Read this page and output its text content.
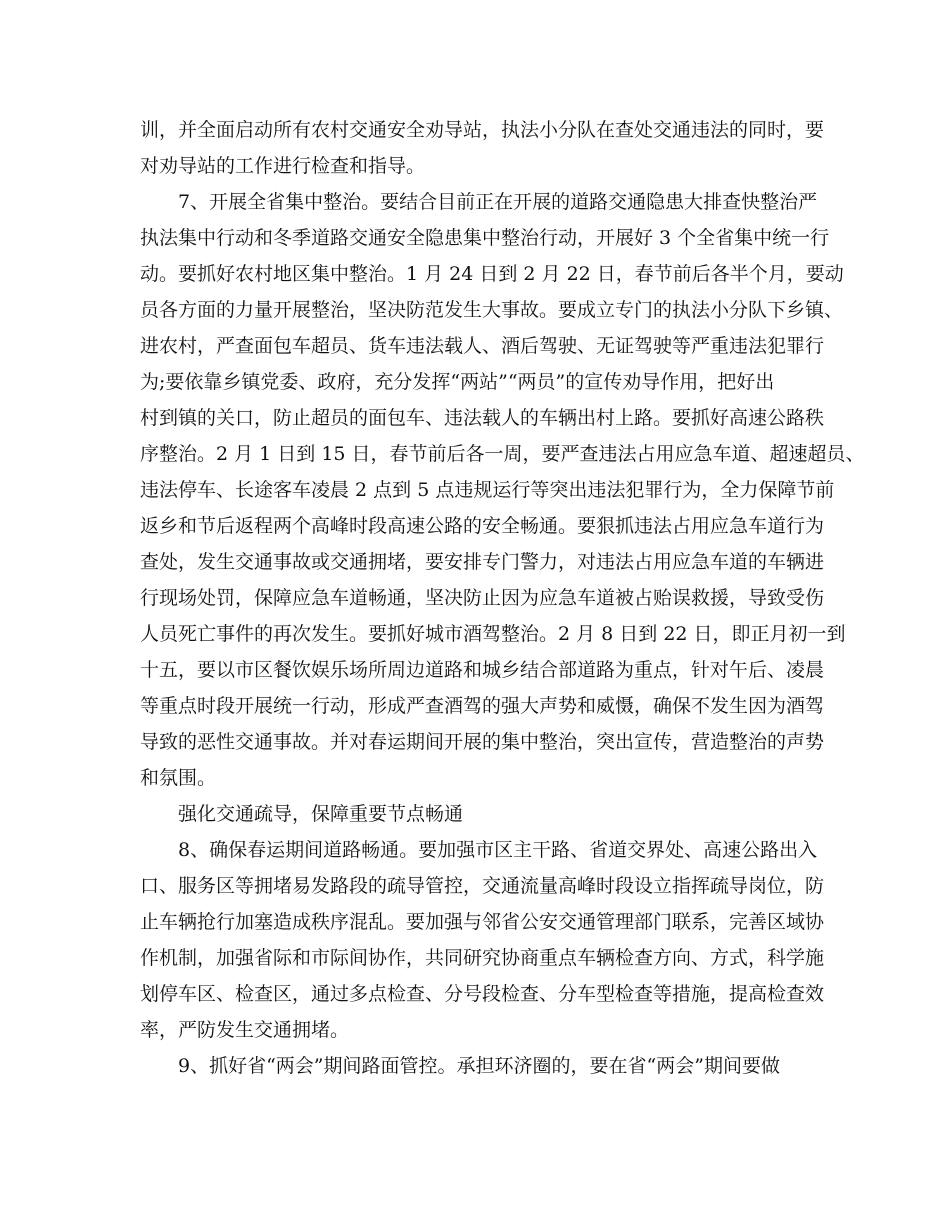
训，并全面启动所有农村交通安全劝导站，执法小分队在查处交通违法的同时，要
对劝导站的工作进行检查和指导。
7、开展全省集中整治。要结合目前正在开展的道路交通隐患大排查快整治严
执法集中行动和冬季道路交通安全隐患集中整治行动，开展好 3 个全省集中统一行
动。要抓好农村地区集中整治。1 月 24 日到 2 月 22 日，春节前后各半个月，要动
员各方面的力量开展整治，坚决防范发生大事故。要成立专门的执法小分队下乡镇、
进农村，严查面包车超员、货车违法载人、酒后驾驶、无证驾驶等严重违法犯罪行
为;要依靠乡镇党委、政府，充分发挥“两站”“两员”的宣传劝导作用，把好出
村到镇的关口，防止超员的面包车、违法载人的车辆出村上路。要抓好高速公路秩
序整治。2 月 1 日到 15 日，春节前后各一周，要严查违法占用应急车道、超速超员、
违法停车、长途客车凌晨 2 点到 5 点违规运行等突出违法犯罪行为，全力保障节前
返乡和节后返程两个高峰时段高速公路的安全畅通。要狠抓违法占用应急车道行为
查处，发生交通事故或交通拥堵，要安排专门警力，对违法占用应急车道的车辆进
行现场处罚，保障应急车道畅通，坚决防止因为应急车道被占贻误救援，导致受伤
人员死亡事件的再次发生。要抓好城市酒驾整治。2 月 8 日到 22 日，即正月初一到
十五，要以市区餐饮娱乐场所周边道路和城乡结合部道路为重点，针对午后、凌晨
等重点时段开展统一行动，形成严查酒驾的强大声势和威慑，确保不发生因为酒驾
导致的恶性交通事故。并对春运期间开展的集中整治，突出宣传，营造整治的声势
和氛围。
强化交通疏导，保障重要节点畅通
8、确保春运期间道路畅通。要加强市区主干路、省道交界处、高速公路出入
口、服务区等拥堵易发路段的疏导管控，交通流量高峰时段设立指挥疏导岗位，防
止车辆抢行加塞造成秩序混乱。要加强与邻省公安交通管理部门联系，完善区域协
作机制，加强省际和市际间协作，共同研究协商重点车辆检查方向、方式，科学施
划停车区、检查区，通过多点检查、分号段检查、分车型检查等措施，提高检查效
率，严防发生交通拥堵。
9、抓好省“两会”期间路面管控。承担环济圈的，要在省“两会”期间要做
